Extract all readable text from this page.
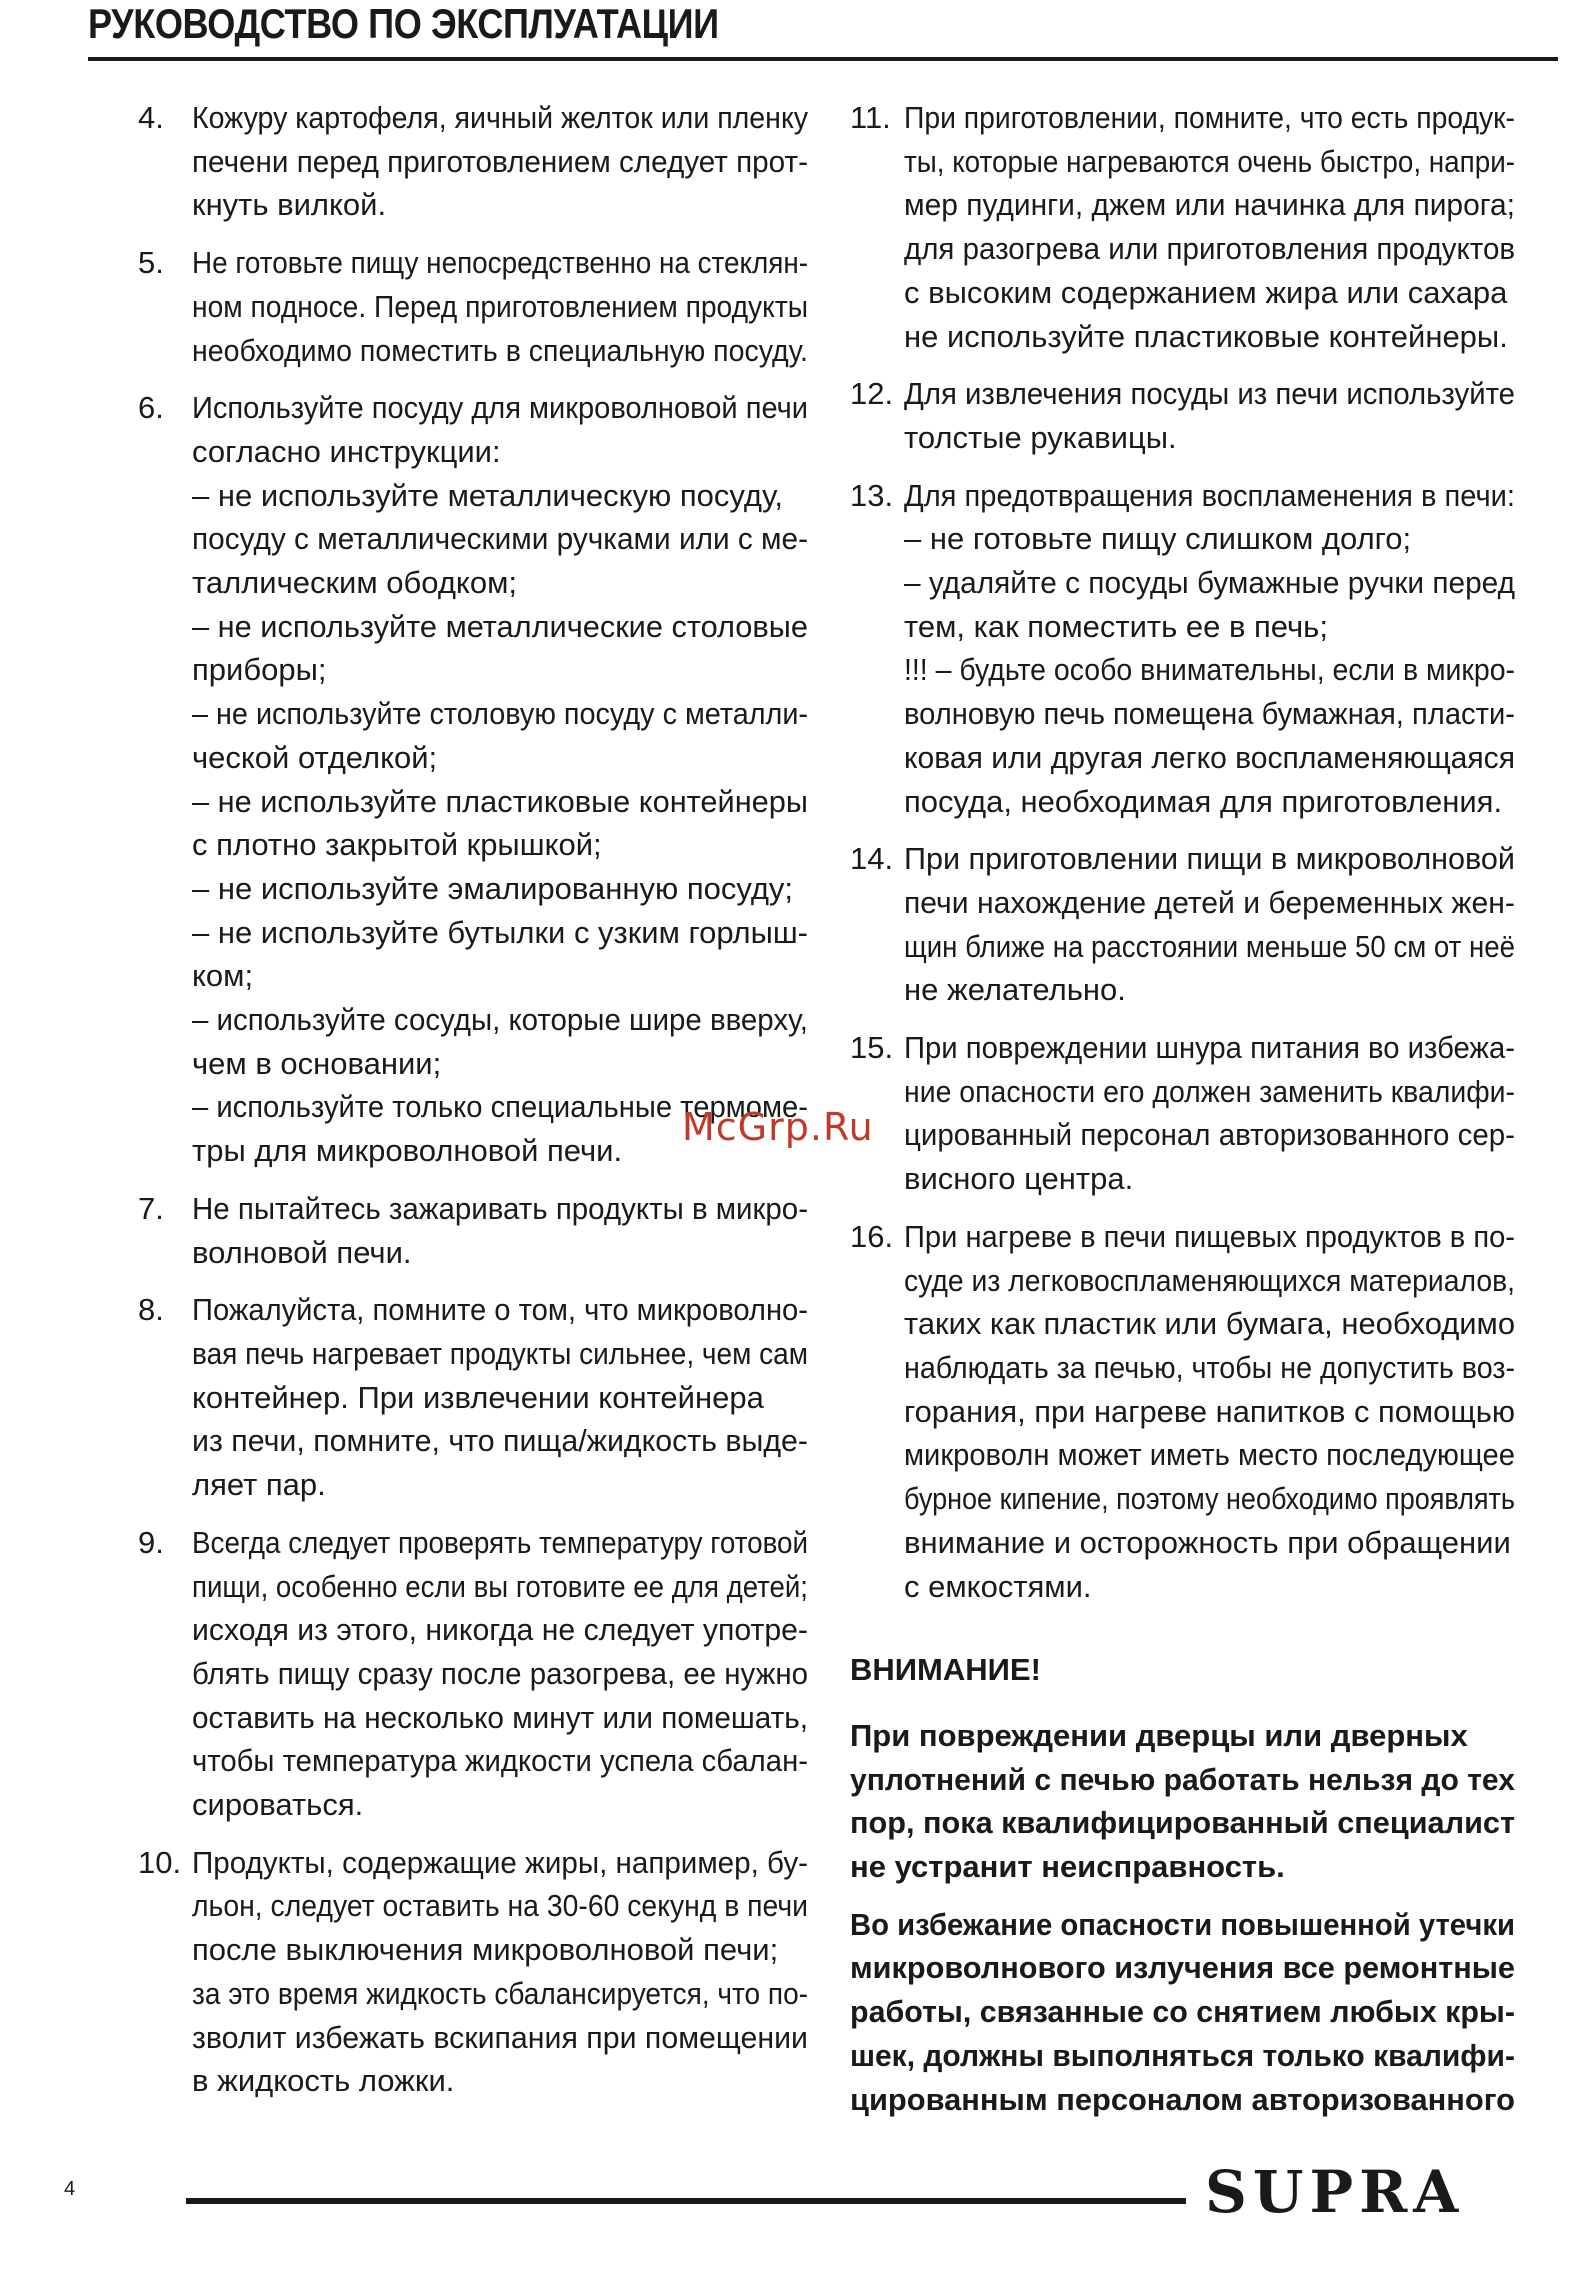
РУКОВОДСТВО ПО ЭКСПЛУАТАЦИИ
4. Кожуру картофеля, яичный желток или пленку
печени перед приготовлением следует прот-
кнуть вилкой.
5. Не готовьте пищу непосредственно на стеклян-
ном подносе. Перед приготовлением продукты
необходимо поместить в специальную посуду.
6. Используйте посуду для микроволновой печи
согласно инструкции:
– не используйте металлическую посуду,
посуду с металлическими ручками или с ме-
таллическим ободком;
– не используйте металлические столовые
приборы;
– не используйте столовую посуду с металли-
ческой отделкой;
– не используйте пластиковые контейнеры
с плотно закрытой крышкой;
– не используйте эмалированную посуду;
– не используйте бутылки с узким горлыш-
ком;
– используйте сосуды, которые шире вверху,
чем в основании;
– используйте только специальные термоме-
тры для микроволновой печи.
7. Не пытайтесь зажаривать продукты в микро-
волновой печи.
8. Пожалуйста, помните о том, что микроволно-
вая печь нагревает продукты сильнее, чем сам
контейнер. При извлечении контейнера
из печи, помните, что пища/жидкость выде-
ляет пар.
9. Всегда следует проверять температуру готовой
пищи, особенно если вы готовите ее для детей;
исходя из этого, никогда не следует употре-
блять пищу сразу после разогрева, ее нужно
оставить на несколько минут или помешать,
чтобы температура жидкости успела сбалан-
сироваться.
10. Продукты, содержащие жиры, например, бу-
льон, следует оставить на 30-60 секунд в печи
после выключения микроволновой печи;
за это время жидкость сбалансируется, что по-
зволит избежать вскипания при помещении
в жидкость ложки.
11. При приготовлении, помните, что есть продук-
ты, которые нагреваются очень быстро, напри-
мер пудинги, джем или начинка для пирога;
для разогрева или приготовления продуктов
с высоким содержанием жира или сахара
не используйте пластиковые контейнеры.
12. Для извлечения посуды из печи используйте
толстые рукавицы.
13. Для предотвращения воспламенения в печи:
– не готовьте пищу слишком долго;
– удаляйте с посуды бумажные ручки перед
тем, как поместить ее в печь;
!!! – будьте особо внимательны, если в микро-
волновую печь помещена бумажная, пласти-
ковая или другая легко воспламеняющаяся
посуда, необходимая для приготовления.
14. При приготовлении пищи в микроволновой
печи нахождение детей и беременных жен-
щин ближе на расстоянии меньше 50 см от неё
не желательно.
15. При повреждении шнура питания во избежа-
ние опасности его должен заменить квалифи-
цированный персонал авторизованного сер-
висного центра.
16. При нагреве в печи пищевых продуктов в по-
суде из легковоспламеняющихся материалов,
таких как пластик или бумага, необходимо
наблюдать за печью, чтобы не допустить воз-
горания, при нагреве напитков с помощью
микроволн может иметь место последующее
бурное кипение, поэтому необходимо проявлять
внимание и осторожность при обращении
с емкостями.
ВНИМАНИЕ!
При повреждении дверцы или дверных
уплотнений с печью работать нельзя до тех
пор, пока квалифицированный специалист
не устранит неисправность.
Во избежание опасности повышенной утечки
микроволнового излучения все ремонтные
работы, связанные со снятием любых кры-
шек, должны выполняться только квалифи-
цированным персоналом авторизованного
McGrp.Ru
4	SUPRA
